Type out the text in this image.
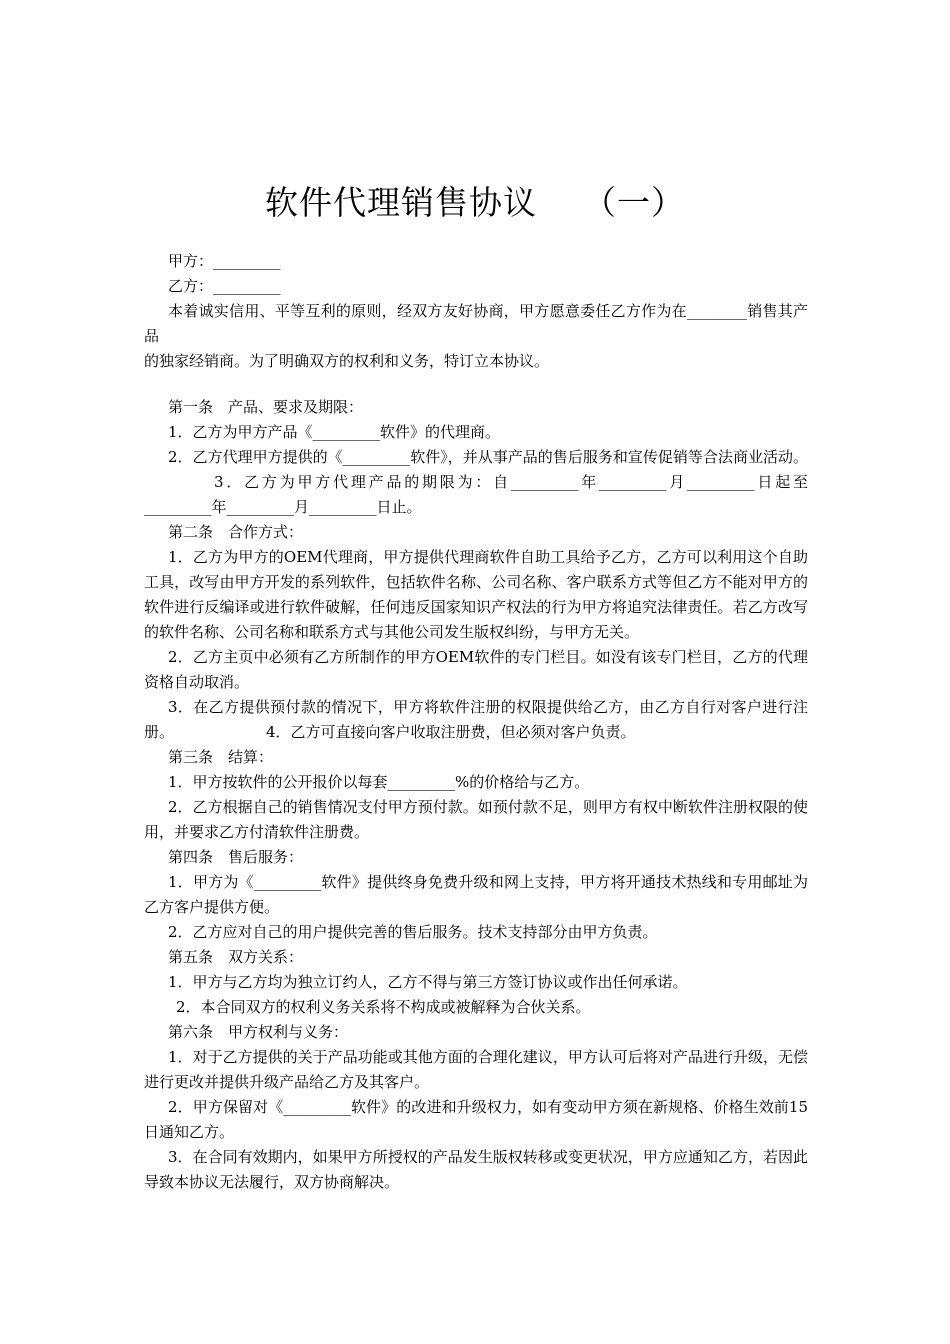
软件代理销售协议 （一）

甲方：_________

乙方：_________

本着诚实信用、平等互利的原则，经双方友好协商，甲方愿意委任乙方作为在________销售其产品

的独家经销商。为了明确双方的权利和义务，特订立本协议。

第一条　产品、要求及期限：

1．乙方为甲方产品《_________软件》的代理商。

2．乙方代理甲方提供的《_________软件》，并从事产品的售后服务和宣传促销等合法商业活动。3．乙方为甲方代理产品的期限为：自_________年_________月_________日起至_________年_________月_________日止。

第二条　合作方式：

1．乙方为甲方的OEM代理商，甲方提供代理商软件自助工具给予乙方，乙方可以利用这个自助工具，改写由甲方开发的系列软件，包括软件名称、公司名称、客户联系方式等但乙方不能对甲方的软件进行反编译或进行软件破解，任何违反国家知识产权法的行为甲方将追究法律责任。若乙方改写的软件名称、公司名称和联系方式与其他公司发生版权纠纷，与甲方无关。

2．乙方主页中必须有乙方所制作的甲方OEM软件的专门栏目。如没有该专门栏目，乙方的代理资格自动取消。

3．在乙方提供预付款的情况下，甲方将软件注册的权限提供给乙方，由乙方自行对客户进行注册。	4．乙方可直接向客户收取注册费，但必须对客户负责。

第三条　结算：

1．甲方按软件的公开报价以每套_________%的价格给与乙方。

2．乙方根据自己的销售情况支付甲方预付款。如预付款不足，则甲方有权中断软件注册权限的使用，并要求乙方付清软件注册费。

第四条　售后服务：

1．甲方为《_________软件》提供终身免费升级和网上支持，甲方将开通技术热线和专用邮址为乙方客户提供方便。

2．乙方应对自己的用户提供完善的售后服务。技术支持部分由甲方负责。

第五条　双方关系：

1．甲方与乙方均为独立订约人，乙方不得与第三方签订协议或作出任何承诺。

2．本合同双方的权利义务关系将不构成或被解释为合伙关系。

第六条　甲方权利与义务：

1．对于乙方提供的关于产品功能或其他方面的合理化建议，甲方认可后将对产品进行升级，无偿进行更改并提供升级产品给乙方及其客户。

2．甲方保留对《_________软件》的改进和升级权力，如有变动甲方须在新规格、价格生效前15日通知乙方。

3．在合同有效期内，如果甲方所授权的产品发生版权转移或变更状况，甲方应通知乙方，若因此导致本协议无法履行，双方协商解决。
